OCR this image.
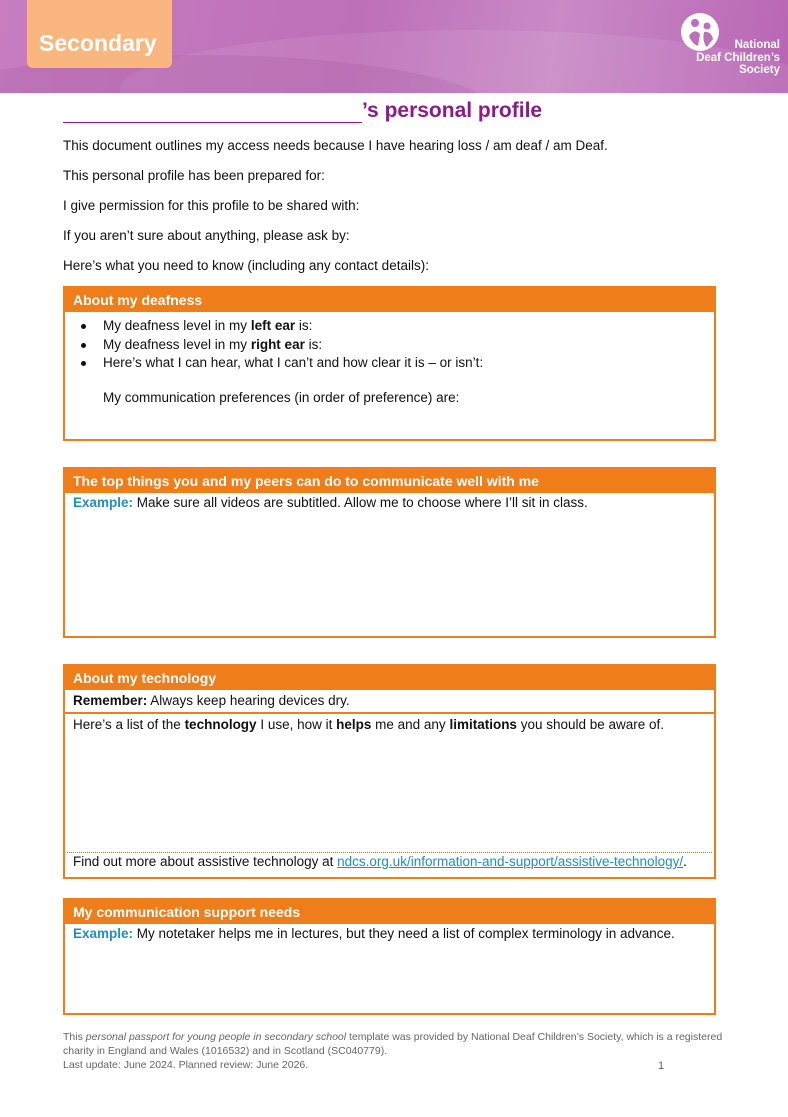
Secondary	National
Deaf Children’s
Society
’s personal profile
This document outlines my access needs because I have hearing loss / am deaf / am Deaf.
This personal profile has been prepared for:
I give permission for this profile to be shared with:
If you aren’t sure about anything, please ask by:
Here’s what you need to know (including any contact details):
About my deafness
My deafness level in my left ear is:
My deafness level in my right ear is:
Here’s what I can hear, what I can’t and how clear it is – or isn’t:
My communication preferences (in order of preference) are:
The top things you and my peers can do to communicate well with me
Example: Make sure all videos are subtitled. Allow me to choose where I’ll sit in class.
About my technology
Remember: Always keep hearing devices dry.
Here’s a list of the technology I use, how it helps me and any limitations you should be aware of.
Find out more about assistive technology at ndcs.org.uk/information-and-support/assistive-technology/.
My communication support needs
Example: My notetaker helps me in lectures, but they need a list of complex terminology in advance.
This personal passport for young people in secondary school template was provided by National Deaf Children’s Society, which is a registered charity in England and Wales (1016532) and in Scotland (SC040779).
Last update: June 2024. Planned review: June 2026.	1
